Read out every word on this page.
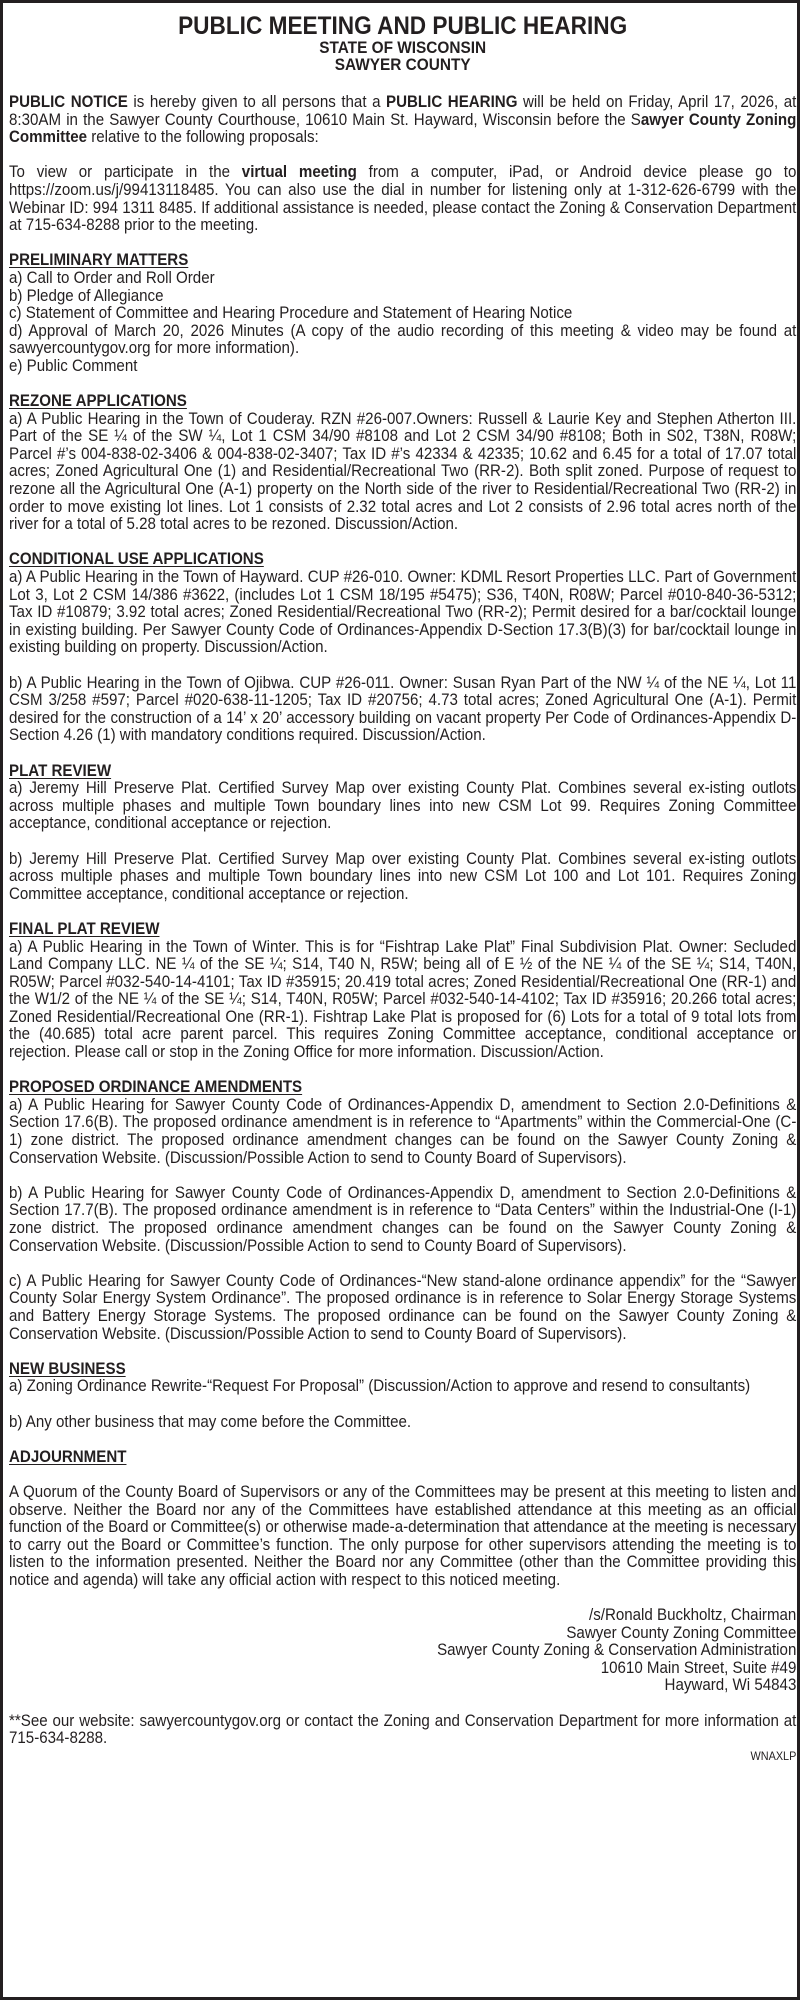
PUBLIC MEETING AND PUBLIC HEARING
STATE OF WISCONSIN
SAWYER COUNTY

PUBLIC NOTICE is hereby given to all persons that a PUBLIC HEARING will be held on Friday, April 17, 2026, at 8:30AM in the Sawyer County Courthouse, 10610 Main St. Hayward, Wisconsin before the Sawyer County Zoning Committee relative to the following proposals:

To view or participate in the virtual meeting from a computer, iPad, or Android device please go to https://zoom.us/j/99413118485. You can also use the dial in number for listening only at 1-312-626-6799 with the Webinar ID: 994 1311 8485. If additional assistance is needed, please contact the Zoning & Conservation Department at 715-634-8288 prior to the meeting.

PRELIMINARY MATTERS
a) Call to Order and Roll Order
b) Pledge of Allegiance
c) Statement of Committee and Hearing Procedure and Statement of Hearing Notice
d) Approval of March 20, 2026 Minutes (A copy of the audio recording of this meeting & video may be found at sawyercountygov.org for more information).
e) Public Comment
REZONE APPLICATIONS
a) A Public Hearing in the Town of Couderay. RZN #26-007.Owners: Russell & Laurie Key and Stephen Atherton III. Part of the SE ¼ of the SW ¼, Lot 1 CSM 34/90 #8108 and Lot 2 CSM 34/90 #8108; Both in S02, T38N, R08W; Parcel #’s 004-838-02-3406 & 004-838-02-3407; Tax ID #’s 42334 & 42335; 10.62 and 6.45 for a total of 17.07 total acres; Zoned Agricultural One (1) and Residential/Recreational Two (RR-2). Both split zoned. Purpose of request to rezone all the Agricultural One (A-1) property on the North side of the river to Residential/Recreational Two (RR-2) in order to move existing lot lines. Lot 1 consists of 2.32 total acres and Lot 2 consists of 2.96 total acres north of the river for a total of 5.28 total acres to be rezoned. Discussion/Action.
CONDITIONAL USE APPLICATIONS
a) A Public Hearing in the Town of Hayward. CUP #26-010. Owner: KDML Resort Properties LLC. Part of Government Lot 3, Lot 2 CSM 14/386 #3622, (includes Lot 1 CSM 18/195 #5475); S36, T40N, R08W; Parcel #010-840-36-5312; Tax ID #10879; 3.92 total acres; Zoned Residential/Recreational Two (RR-2); Permit desired for a bar/cocktail lounge in existing building. Per Sawyer County Code of Ordinances-Appendix D-Section 17.3(B)(3) for bar/cocktail lounge in existing building on property. Discussion/Action.
b) A Public Hearing in the Town of Ojibwa. CUP #26-011. Owner: Susan Ryan Part of the NW ¼ of the NE ¼, Lot 11 CSM 3/258 #597; Parcel #020-638-11-1205; Tax ID #20756; 4.73 total acres; Zoned Agricultural One (A-1). Permit desired for the construction of a 14’ x 20’ accessory building on vacant property Per Code of Ordinances-Appendix D-Section 4.26 (1) with mandatory conditions required. Discussion/Action.
PLAT REVIEW
a) Jeremy Hill Preserve Plat. Certified Survey Map over existing County Plat. Combines several ex-isting outlots across multiple phases and multiple Town boundary lines into new CSM Lot 99. Requires Zoning Committee acceptance, conditional acceptance or rejection.
b) Jeremy Hill Preserve Plat. Certified Survey Map over existing County Plat. Combines several ex-isting outlots across multiple phases and multiple Town boundary lines into new CSM Lot 100 and Lot 101. Requires Zoning Committee acceptance, conditional acceptance or rejection.
FINAL PLAT REVIEW
a) A Public Hearing in the Town of Winter. This is for “Fishtrap Lake Plat” Final Subdivision Plat. Owner: Secluded Land Company LLC. NE ¼ of the SE ¼; S14, T40 N, R5W; being all of E ½ of the NE ¼ of the SE ¼; S14, T40N, R05W; Parcel #032-540-14-4101; Tax ID #35915; 20.419 total acres; Zoned Residential/Recreational One (RR-1) and the W1/2 of the NE ¼ of the SE ¼; S14, T40N, R05W; Parcel #032-540-14-4102; Tax ID #35916; 20.266 total acres; Zoned Residential/Recreational One (RR-1). Fishtrap Lake Plat is proposed for (6) Lots for a total of 9 total lots from the (40.685) total acre parent parcel. This requires Zoning Committee acceptance, conditional acceptance or rejection. Please call or stop in the Zoning Office for more information. Discussion/Action.
PROPOSED ORDINANCE AMENDMENTS
a) A Public Hearing for Sawyer County Code of Ordinances-Appendix D, amendment to Section 2.0-Definitions & Section 17.6(B). The proposed ordinance amendment is in reference to “Apartments” within the Commercial-One (C-1) zone district. The proposed ordinance amendment changes can be found on the Sawyer County Zoning & Conservation Website. (Discussion/Possible Action to send to County Board of Supervisors).
b) A Public Hearing for Sawyer County Code of Ordinances-Appendix D, amendment to Section 2.0-Definitions & Section 17.7(B). The proposed ordinance amendment is in reference to “Data Centers” within the Industrial-One (I-1) zone district. The proposed ordinance amendment changes can be found on the Sawyer County Zoning & Conservation Website. (Discussion/Possible Action to send to County Board of Supervisors).
c) A Public Hearing for Sawyer County Code of Ordinances-“New stand-alone ordinance appendix” for the “Sawyer County Solar Energy System Ordinance”. The proposed ordinance is in reference to Solar Energy Storage Systems and Battery Energy Storage Systems. The proposed ordinance can be found on the Sawyer County Zoning & Conservation Website. (Discussion/Possible Action to send to County Board of Supervisors).
NEW BUSINESS
a) Zoning Ordinance Rewrite-“Request For Proposal” (Discussion/Action to approve and resend to consultants)
b) Any other business that may come before the Committee.
ADJOURNMENT
A Quorum of the County Board of Supervisors or any of the Committees may be present at this meeting to listen and observe. Neither the Board nor any of the Committees have established attendance at this meeting as an official function of the Board or Committee(s) or otherwise made-a-determination that attendance at the meeting is necessary to carry out the Board or Committee’s function. The only purpose for other supervisors attending the meeting is to listen to the information presented. Neither the Board nor any Committee (other than the Committee providing this notice and agenda) will take any official action with respect to this noticed meeting.
/s/Ronald Buckholtz, Chairman
Sawyer County Zoning Committee
Sawyer County Zoning & Conservation Administration
10610 Main Street, Suite #49
Hayward, Wi 54843
**See our website: sawyercountygov.org or contact the Zoning and Conservation Department for more information at 715-634-8288.
WNAXLP
